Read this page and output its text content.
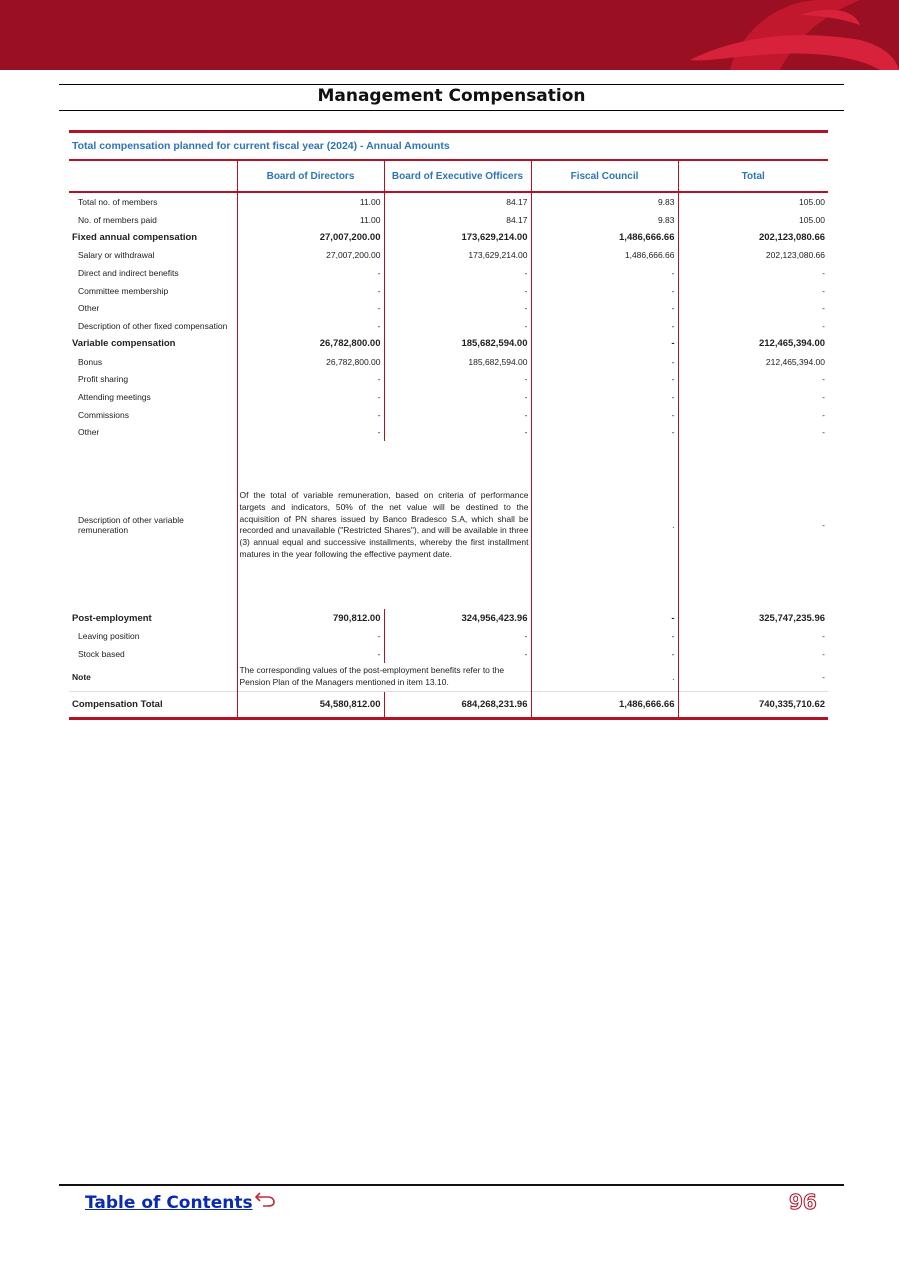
Management Compensation
Total compensation planned for current fiscal year (2024) - Annual Amounts				
	Board of Directors	Board of Executive Officers	Fiscal Council	Total
Total no. of members	11.00	84.17	9.83	105.00
No. of members paid	11.00	84.17	9.83	105.00
Fixed annual compensation	27,007,200.00	173,629,214.00	1,486,666.66	202,123,080.66
Salary or withdrawal	27,007,200.00	173,629,214.00	1,486,666.66	202,123,080.66
Direct and indirect benefits	-	-	-	-
Committee membership	-	-	-	-
Other	-	-	-	-
Description of other fixed compensation	-	-	-	-
Variable compensation	26,782,800.00	185,682,594.00	-	212,465,394.00
Bonus	26,782,800.00	185,682,594.00	-	212,465,394.00
Profit sharing	-	-	-	-
Attending meetings	-	-	-	-
Commissions	-	-	-	-
Other	-	-	-	-
Description of other variable remuneration	Of the total of variable remuneration, based on criteria of performance targets and indicators, 50% of the net value will be destined to the acquisition of PN shares issued by Banco Bradesco S.A, which shall be recorded and unavailable ("Restricted Shares"), and will be available in three (3) annual equal and successive installments, whereby the first installment matures in the year following the effective payment date.		.	-
Post-employment	790,812.00	324,956,423.96	-	325,747,235.96
Leaving position	-	-	-	-
Stock based	-	-	-	-
Note	The corresponding values of the post-employment benefits refer to the Pension Plan of the Managers mentioned in item 13.10.		.	-
Compensation Total	54,580,812.00	684,268,231.96	1,486,666.66	740,335,710.62
Table of Contents	96
